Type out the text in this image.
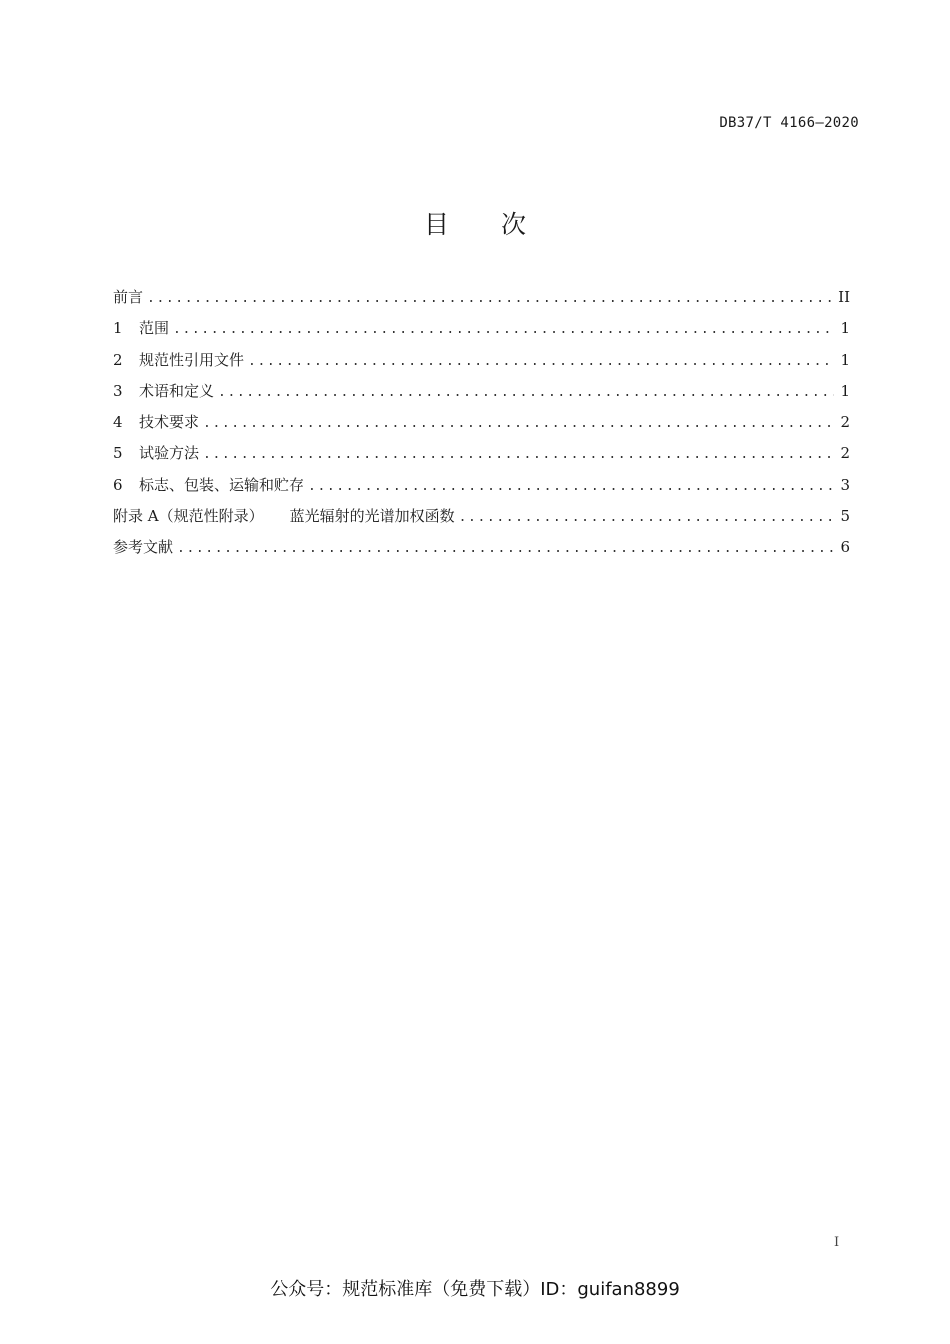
DB37/T 4166—2020
目次
前言 .....	II
1	范围 .....	1
2	规范性引用文件 .....	1
3	术语和定义 .....	1
4	技术要求 .....	2
5	试验方法 .....	2
6	标志、包装、运输和贮存 .....	3
附录 A（规范性附录） 蓝光辐射的光谱加权函数 .....	5
参考文献 .....	6
I
公众号：规范标准库（免费下载）ID：guifan8899
